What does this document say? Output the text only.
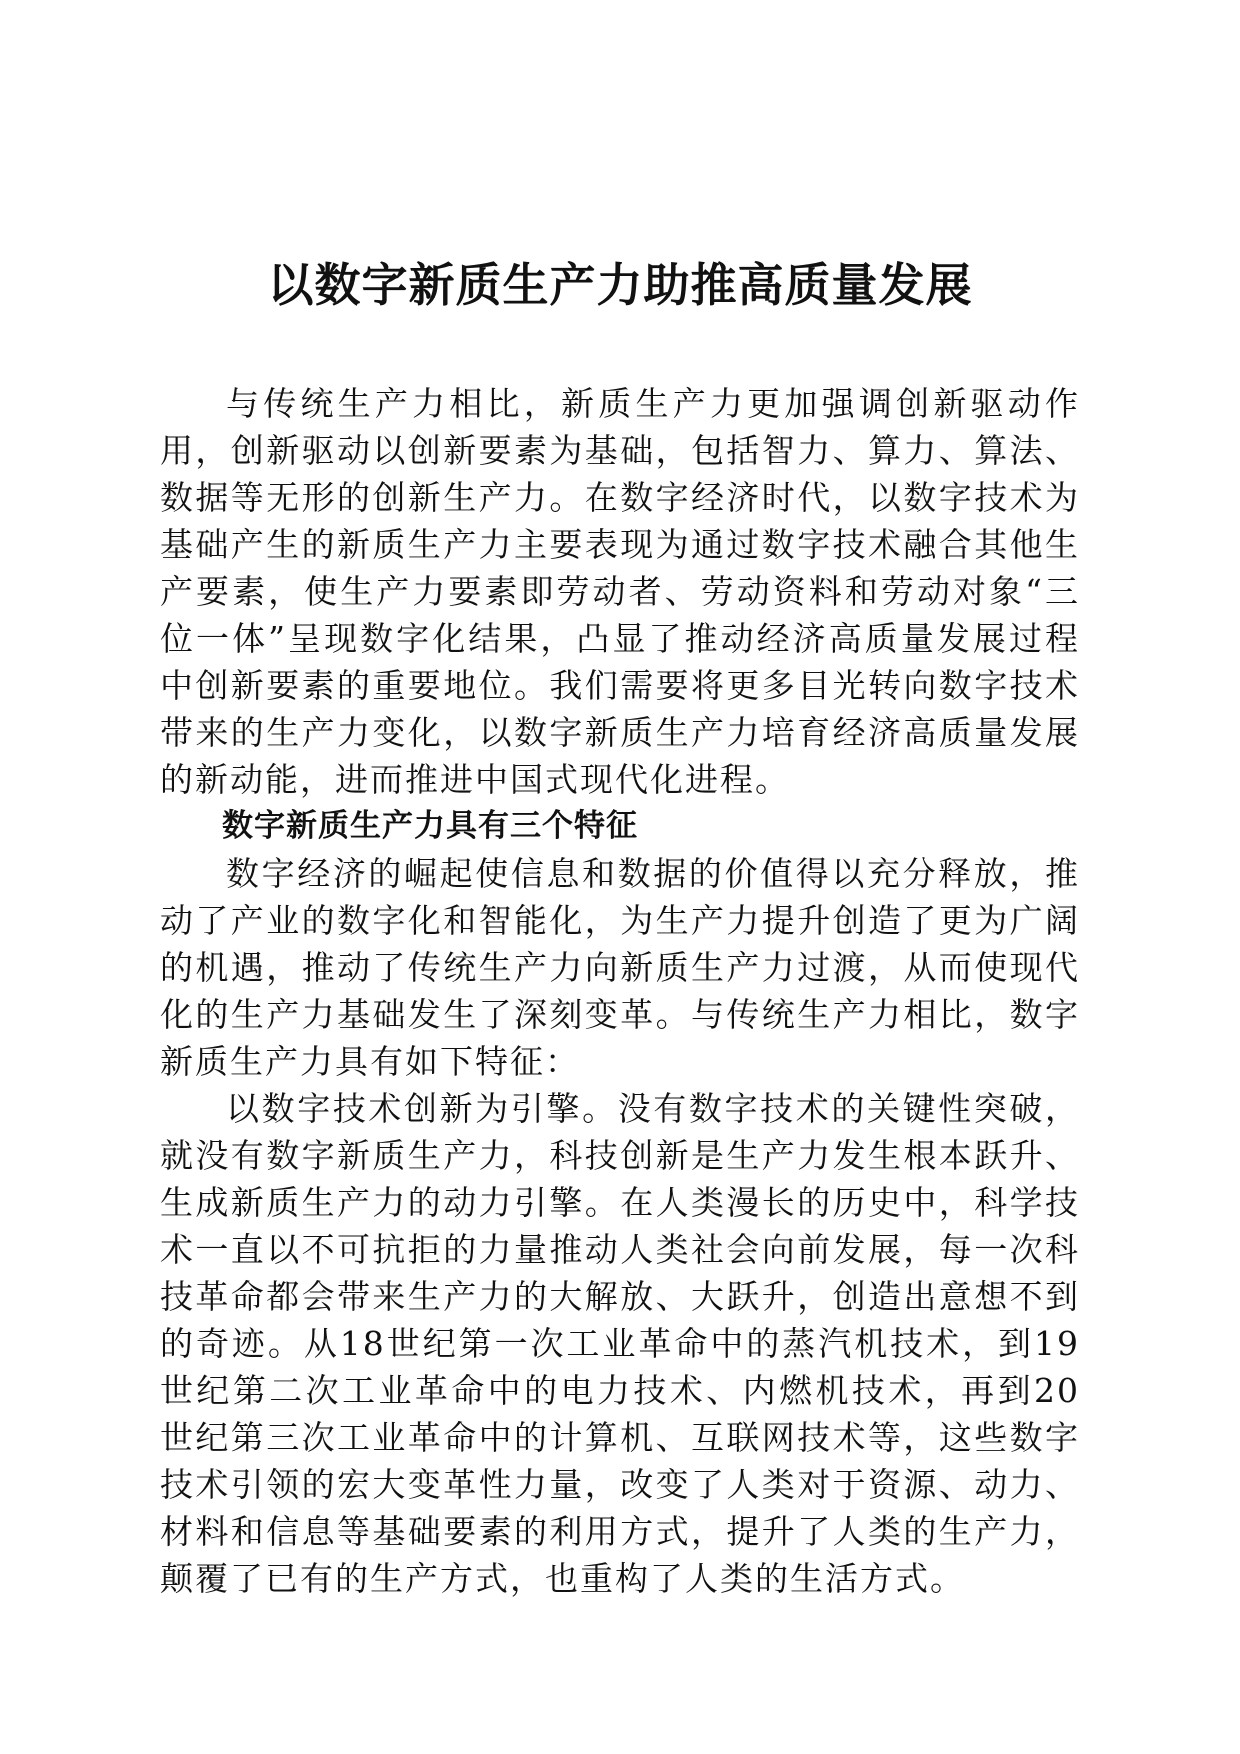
以数字新质生产力助推高质量发展

与传统生产力相比，新质生产力更加强调创新驱动作用，创新驱动以创新要素为基础，包括智力、算力、算法、数据等无形的创新生产力。在数字经济时代，以数字技术为基础产生的新质生产力主要表现为通过数字技术融合其他生产要素，使生产力要素即劳动者、劳动资料和劳动对象“三位一体”呈现数字化结果，凸显了推动经济高质量发展过程中创新要素的重要地位。我们需要将更多目光转向数字技术带来的生产力变化，以数字新质生产力培育经济高质量发展的新动能，进而推进中国式现代化进程。

数字新质生产力具有三个特征

数字经济的崛起使信息和数据的价值得以充分释放，推动了产业的数字化和智能化，为生产力提升创造了更为广阔的机遇，推动了传统生产力向新质生产力过渡，从而使现代化的生产力基础发生了深刻变革。与传统生产力相比，数字新质生产力具有如下特征：

以数字技术创新为引擎。没有数字技术的关键性突破，就没有数字新质生产力，科技创新是生产力发生根本跃升、生成新质生产力的动力引擎。在人类漫长的历史中，科学技术一直以不可抗拒的力量推动人类社会向前发展，每一次科技革命都会带来生产力的大解放、大跃升，创造出意想不到的奇迹。从18世纪第一次工业革命中的蒸汽机技术，到19世纪第二次工业革命中的电力技术、内燃机技术，再到20世纪第三次工业革命中的计算机、互联网技术等，这些数字技术引领的宏大变革性力量，改变了人类对于资源、动力、材料和信息等基础要素的利用方式，提升了人类的生产力，颠覆了已有的生产方式，也重构了人类的生活方式。
